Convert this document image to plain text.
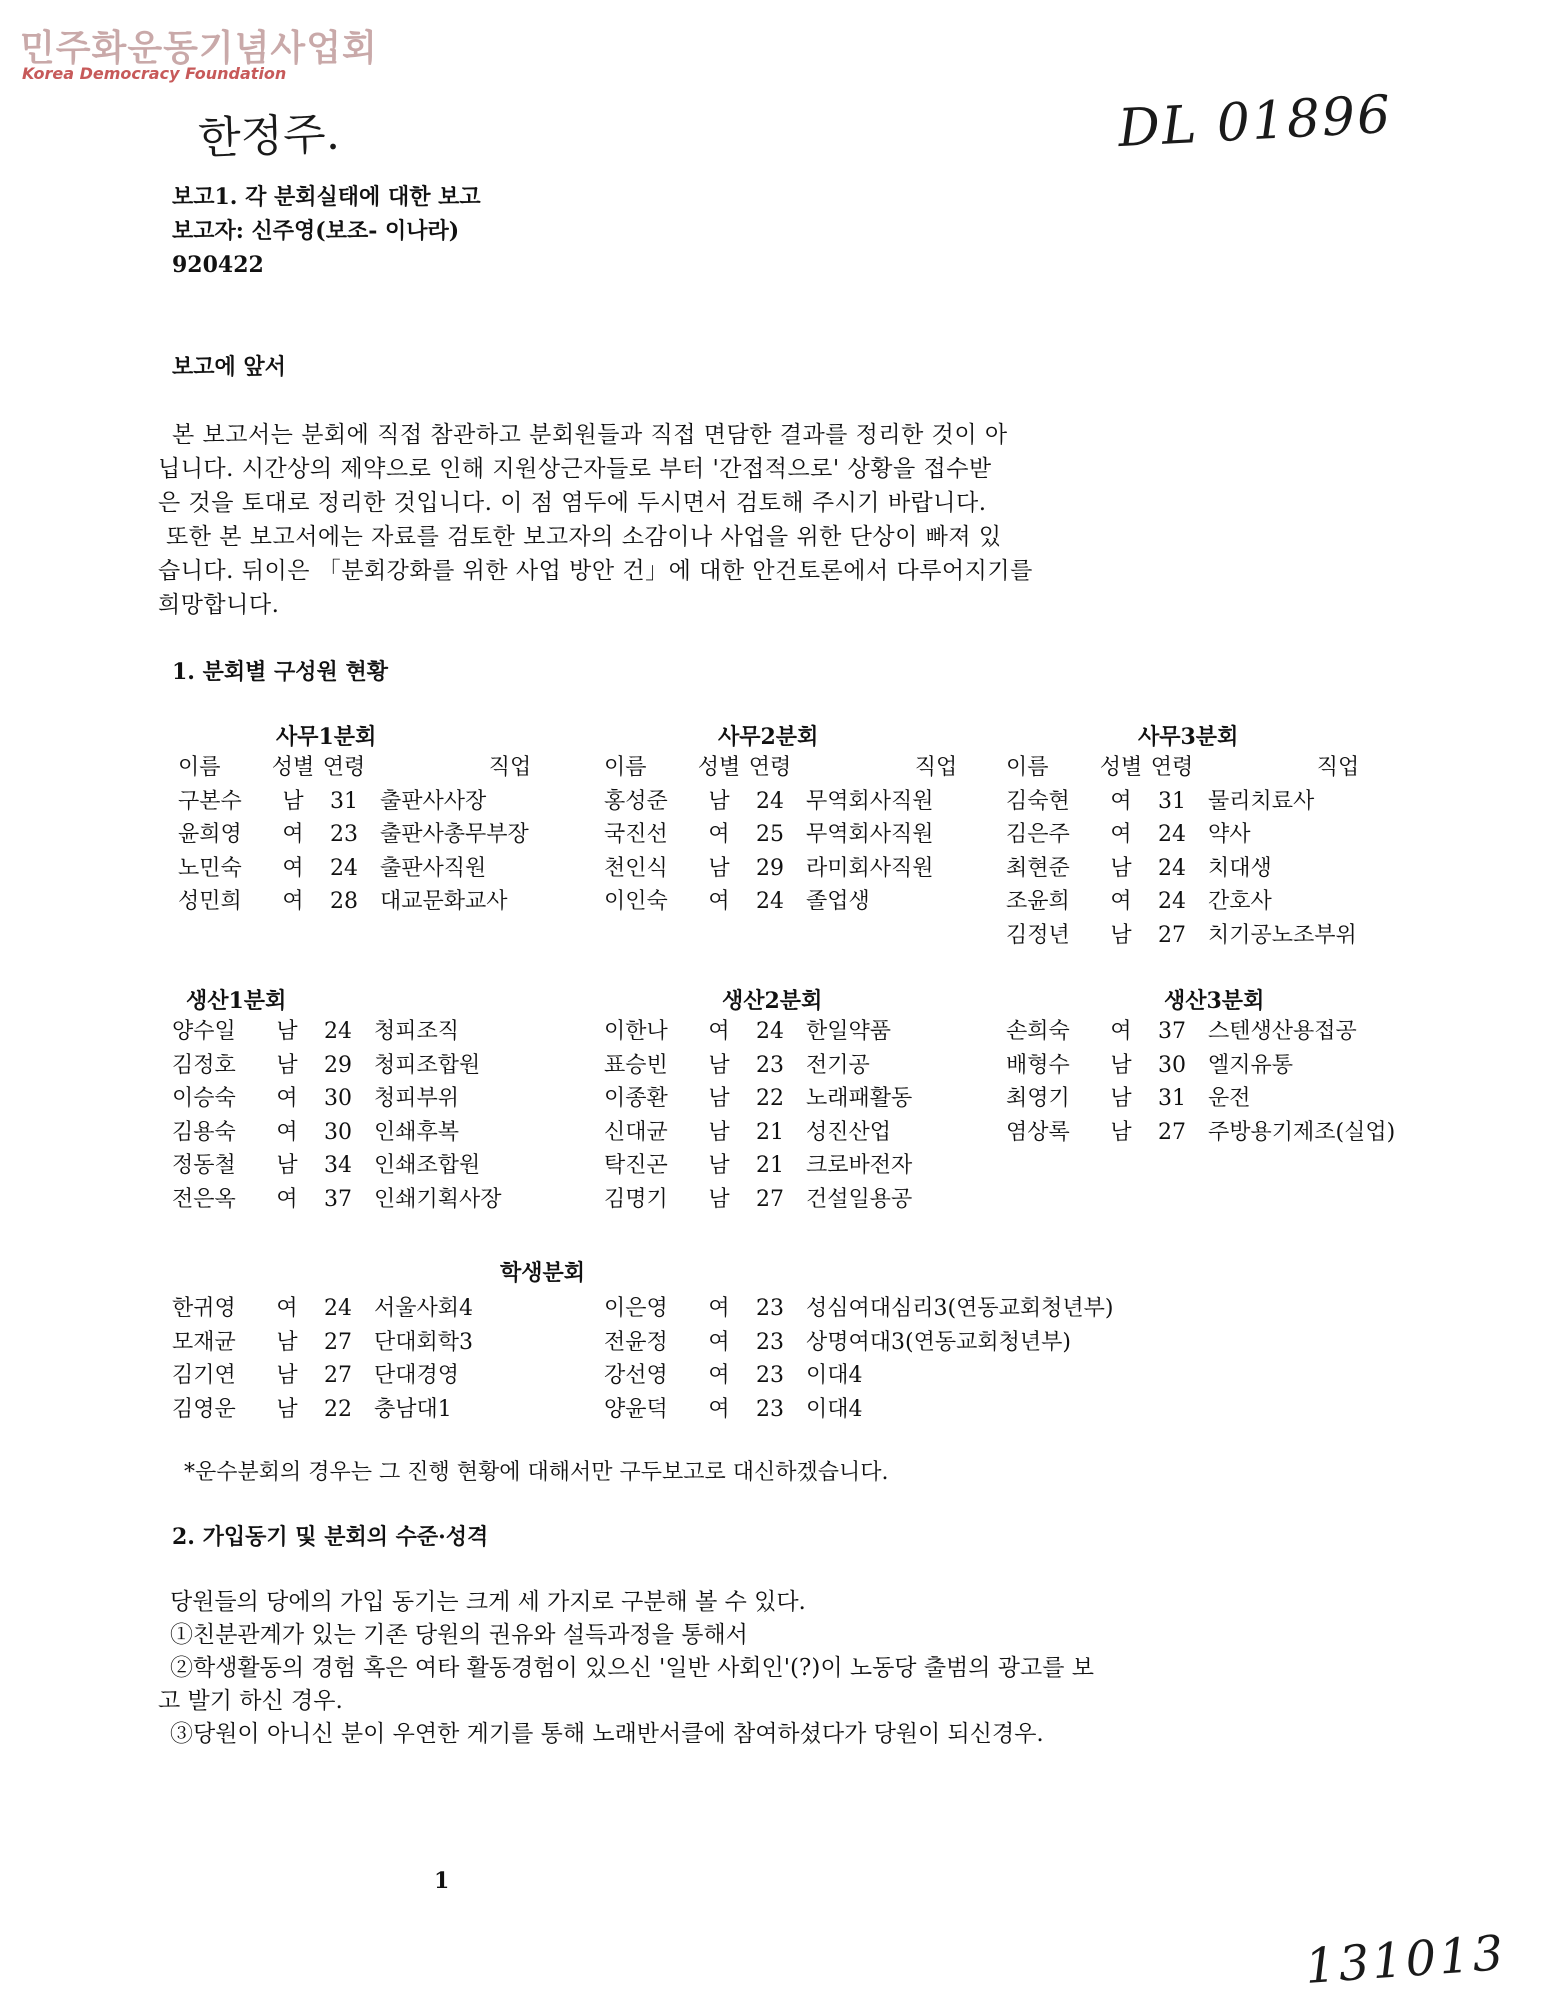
민주화운동기념사업회
Korea Democracy Foundation
한정주.	DL 01896
보고1. 각 분회실태에 대한 보고
보고자: 신주영(보조- 이나라)
920422
보고에 앞서

본 보고서는 분회에 직접 참관하고 분회원들과 직접 면담한 결과를 정리한 것이 아

닙니다. 시간상의 제약으로 인해 지원상근자들로 부터 '간접적으로' 상황을 접수받

은 것을 토대로 정리한 것입니다. 이 점 염두에 두시면서 검토해 주시기 바랍니다.

또한 본 보고서에는 자료를 검토한 보고자의 소감이나 사업을 위한 단상이 빠져 있

습니다. 뒤이은 「분회강화를 위한 사업 방안 건」에 대한 안건토론에서 다루어지기를

희망합니다.

1. 분회별 구성원 현황
사무1분회
이름	성별 연령	직업
구본수	남	31	출판사사장
윤희영	여	23	출판사총무부장
노민숙	여	24	출판사직원
성민희	여	28	대교문화교사
사무2분회
이름	성별 연령	직업
홍성준	남	24	무역회사직원
국진선	여	25	무역회사직원
천인식	남	29	라미회사직원
이인숙	여	24	졸업생
사무3분회
이름	성별 연령	직업
김숙현	여	31	물리치료사
김은주	여	24	약사
최현준	남	24	치대생
조윤희	여	24	간호사
김정년	남	27	치기공노조부위
생산1분회
양수일	남	24	청피조직
김정호	남	29	청피조합원
이승숙	여	30	청피부위
김용숙	여	30	인쇄후복
정동철	남	34	인쇄조합원
전은옥	여	37	인쇄기획사장
생산2분회
이한나	여	24	한일약품
표승빈	남	23	전기공
이종환	남	22	노래패활동
신대균	남	21	성진산업
탁진곤	남	21	크로바전자
김명기	남	27	건설일용공
생산3분회
손희숙	여	37	스텐생산용접공
배형수	남	30	엘지유통
최영기	남	31	운전
염상록	남	27	주방용기제조(실업)
학생분회
한귀영	여	24	서울사회4
모재균	남	27	단대회학3
김기연	남	27	단대경영
김영운	남	22	충남대1
이은영	여	23	성심여대심리3(연동교회청년부)
전윤정	여	23	상명여대3(연동교회청년부)
강선영	여	23	이대4
양윤덕	여	23	이대4
*운수분회의 경우는 그 진행 현황에 대해서만 구두보고로 대신하겠습니다.
2. 가입동기 및 분회의 수준·성격

당원들의 당에의 가입 동기는 크게 세 가지로 구분해 볼 수 있다.

①친분관계가 있는 기존 당원의 권유와 설득과정을 통해서

②학생활동의 경험 혹은 여타 활동경험이 있으신 '일반 사회인'(?)이 노동당 출범의 광고를 보

고 발기 하신 경우.

③당원이 아니신 분이 우연한 게기를 통해 노래반서클에 참여하셨다가 당원이 되신경우.

1
131013
